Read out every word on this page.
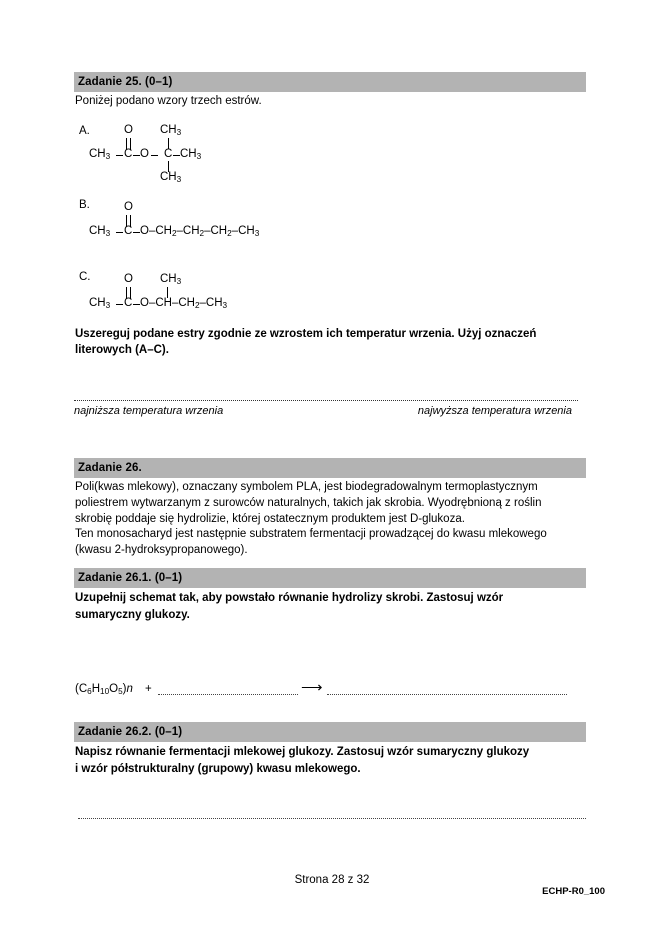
Zadanie 25. (0–1)
Poniżej podano wzory trzech estrów.
A.	O $CH_3$
$CH_3$ C O C $CH_3$
$CH_3$
B.	O
$CH_3$ C $O-CH_2-CH_2-CH_2-CH_3$
C.	O $CH_3$
$CH_3$ C $O-CH-CH_2-CH_3$

Uszereguj podane estry zgodnie ze wzrostem ich temperatur wrzenia. Użyj oznaczeń

literowych (A–C).

najniższa temperatura wrzenia	najwyższa temperatura wrzenia
Zadanie 26.

Poli(kwas mlekowy), oznaczany symbolem PLA, jest biodegradowalnym termoplastycznym

poliestrem wytwarzanym z surowców naturalnych, takich jak skrobia. Wyodrębnioną z roślin

skrobię poddaje się hydrolizie, której ostatecznym produktem jest D-glukoza.

Ten monosacharyd jest następnie substratem fermentacji prowadzącej do kwasu mlekowego

(kwasu 2-hydroksypropanowego).

Zadanie 26.1. (0–1)

Uzupełnij schemat tak, aby powstało równanie hydrolizy skrobi. Zastosuj wzór

sumaryczny glukozy.

$(C_6H_{10}O_5)n$ +	⟶
Zadanie 26.2. (0–1)

Napisz równanie fermentacji mlekowej glukozy. Zastosuj wzór sumaryczny glukozy

i wzór półstrukturalny (grupowy) kwasu mlekowego.

Strona 28 z 32
ECHP-R0_100
